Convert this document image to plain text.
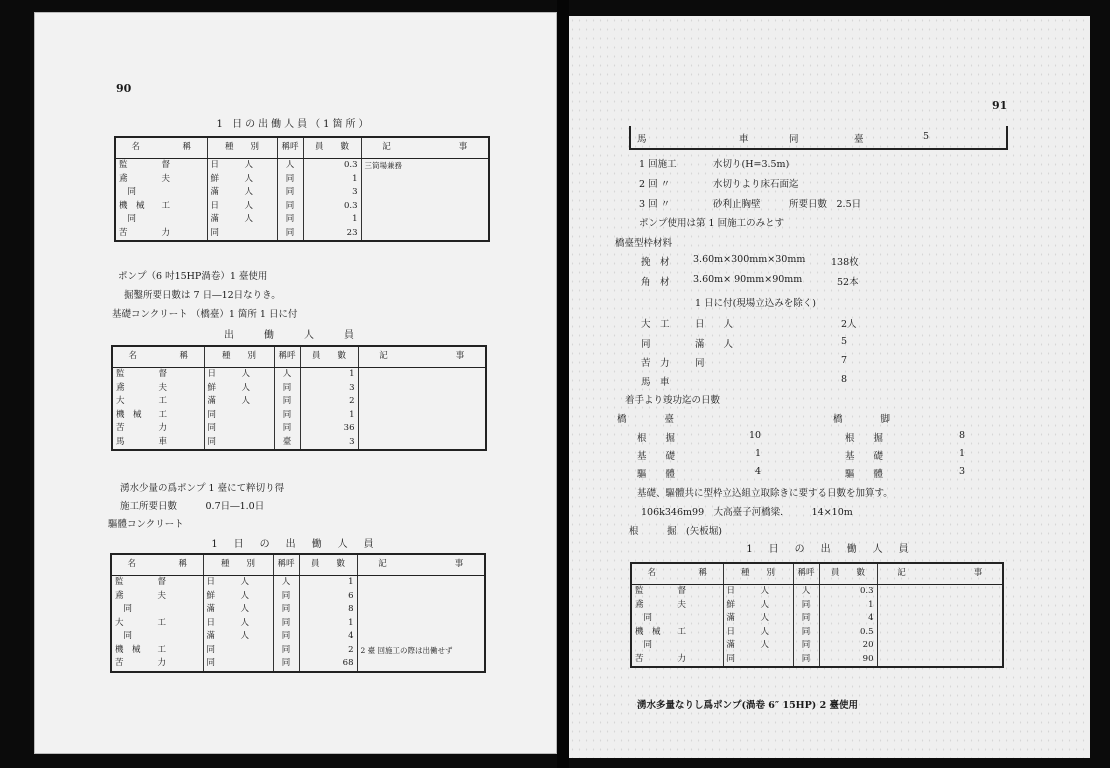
90
1 日の出働人員（1箇所）
名　　　　　稱	種　　別	稱呼	員　　數	記　　　　　　　　事
監　　　　督	日　　　人	人	0.3	三筒場兼務
鳶　　　　夫	鮮　　　人	同	1	
　同	滿　　　人	同	3	
機　械　　工	日　　　人	同	0.3	
　同	滿　　　人	同	1	
苦　　　　力	同	同	23	
ポンプ（6 吋15HP渦卷）1 臺使用
掘鑿所要日數は 7 日―12日なりき。
基礎コンクリート （橋臺）1 箇所 1 日に付
出　働　人　員
名　　　　　稱	種　　別	稱呼	員　　數	記　　　　　　　　事
監　　　　督	日　　　人	人	1	
鳶　　　　夫	鮮　　　人	同	3	
大　　　　工	滿　　　人	同	2	
機　械　　工	同	同	1	
苦　　　　力	同	同	36	
馬　　　　車	同	臺	3	
湧水少量の爲ポンプ 1 臺にて粹切り得
施工所要日數　　　0.7日―1.0日
驅體コンクリート
1　日　の　出　働　人　員
名　　　　　稱	種　　別	稱呼	員　　數	記　　　　　　　　事
監　　　　督	日　　　人	人	1	
鳶　　　　夫	鮮　　　人	同	6	
　同	滿　　　人	同	8	
大　　　　工	日　　　人	同	1	
　同	滿　　　人	同	4	
機　械　　工	同	同	2	2 臺 回施工の際は出働せず
苦　　　　力	同	同	68	
91
馬	車	同	臺	5
1 回施工	水切り(H=3.5m)
2 回 〃	水切りより床石面迄
3 回 〃	砂利止胸壁	所要日數　2.5日
ポンプ使用は第 1 回施工のみとす
橋臺型枠材料
挽　材 3.60m×300mm×30mm	138枚
角　材 3.60m× 90mm×90mm	52本
1 日に付(現場立込みを除く)
大　工	日　　人	2人
同	滿　　人	5
苦　力	同	7
馬　車	8
着手より竣功迄の日數
橋　　　　臺	橋　　　　脚
根　　掘	10	根　　掘	8
基　　礎	1	基　　礎	1
驅　　體	4	驅　　體	3
基礎、驅體共に型枠立込組立取除きに要する日數を加算す。
106k346m99　大高臺子河橋梁.　　　14×10m
根　　　掘　(矢板堀)
1　日　の　出　働　人　員
名　　　　　稱	種　　別	稱呼	員　　數	記　　　　　　　　事
監　　　　督	日　　　人	人	0.3	
鳶　　　　夫	鮮　　　人	同	1	
　同	滿　　　人	同	4	
機　械　　工	日　　　人	同	0.5	
　同	滿　　　人	同	20	
苦　　　　力	同	同	90	
湧水多量なりし爲ポンプ(渦卷 6″ 15HP) 2 臺使用
